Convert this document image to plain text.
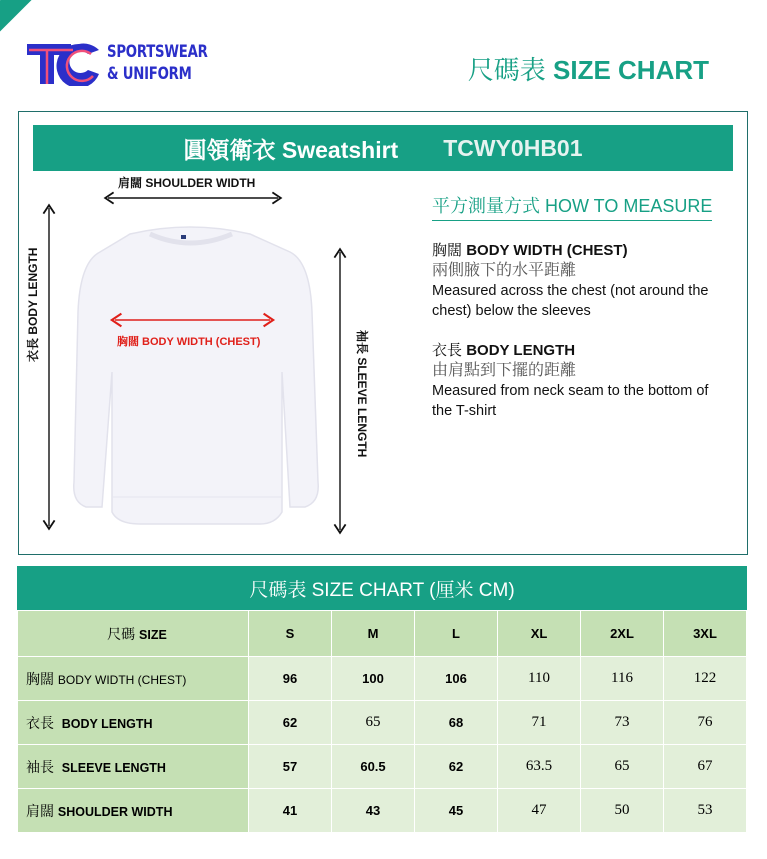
SPORTSWEAR
& UNIFORM	尺碼表 SIZE CHART
圓領衛衣 Sweatshirt TCWY0HB01
肩闊 SHOULDER WIDTH
胸闊 BODY WIDTH (CHEST)
衣長 BODY LENGTH
袖長 SLEEVE LENGTH
平方測量方式 HOW TO MEASURE
胸闊 BODY WIDTH (CHEST)
兩側腋下的水平距離
Measured across the chest (not around the chest) below the sleeves
衣長 BODY LENGTH
由肩點到下擺的距離
Measured from neck seam to the bottom of the T-shirt
尺碼表 SIZE CHART (厘米 CM)
尺碼 SIZE	S	M	L	XL	2XL	3XL
胸闊 BODY WIDTH (CHEST)	96	100	106	110	116	122
衣長 BODY LENGTH	62	65	68	71	73	76
袖長 SLEEVE LENGTH	57	60.5	62	63.5	65	67
肩闊 SHOULDER WIDTH	41	43	45	47	50	53
